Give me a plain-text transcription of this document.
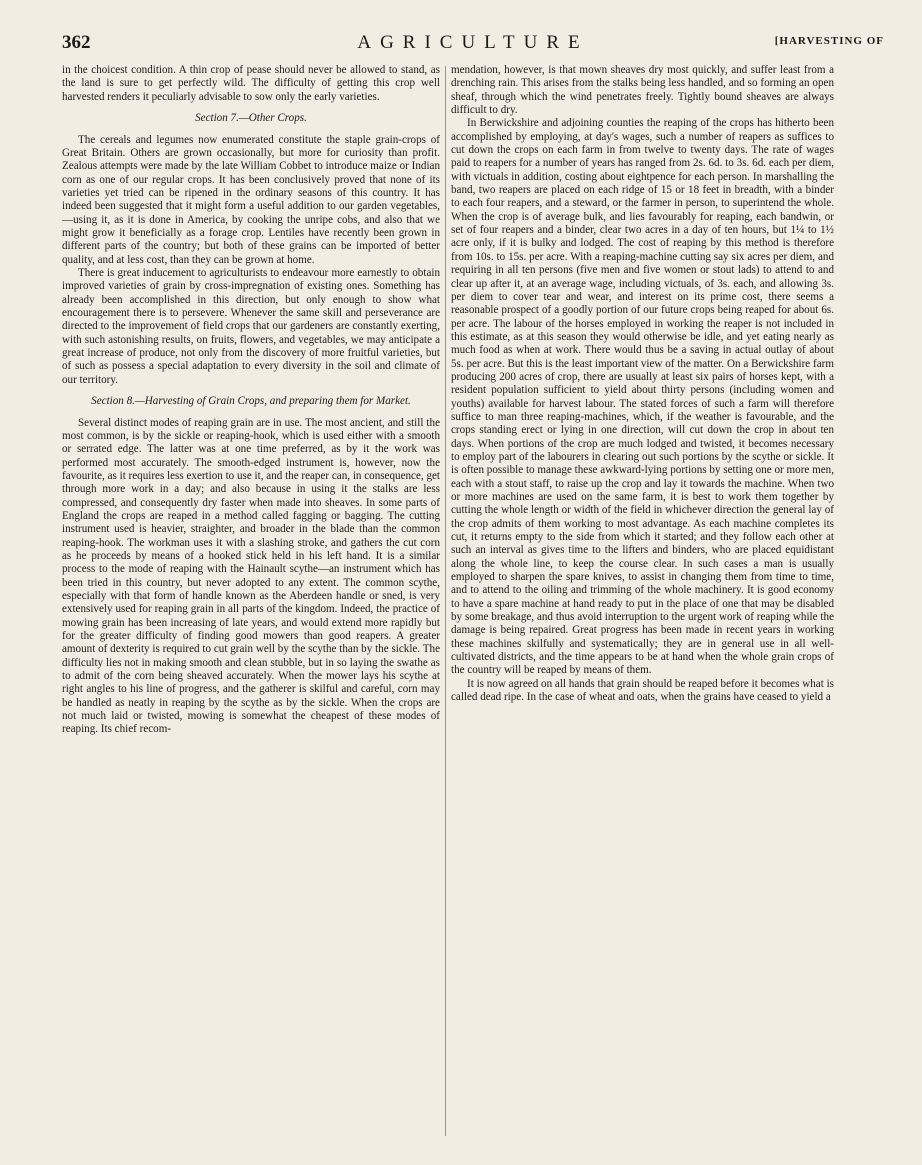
362	AGRICULTURE	[HARVESTING OF

in the choicest condition. A thin crop of pease should never be allowed to stand, as the land is sure to get perfectly wild. The difficulty of getting this crop well harvested renders it peculiarly advisable to sow only the early varieties.

Section 7.—Other Crops.

The cereals and legumes now enumerated constitute the staple grain-crops of Great Britain. Others are grown occasionally, but more for curiosity than profit. Zealous attempts were made by the late William Cobbet to introduce maize or Indian corn as one of our regular crops. It has been conclusively proved that none of its varieties yet tried can be ripened in the ordinary seasons of this country. It has indeed been suggested that it might form a useful addition to our garden vegetables,—using it, as it is done in America, by cooking the unripe cobs, and also that we might grow it beneficially as a forage crop. Lentiles have recently been grown in different parts of the country; but both of these grains can be imported of better quality, and at less cost, than they can be grown at home.

There is great inducement to agriculturists to endeavour more earnestly to obtain improved varieties of grain by cross-impregnation of existing ones. Something has already been accomplished in this direction, but only enough to show what encouragement there is to persevere. Whenever the same skill and perseverance are directed to the improvement of field crops that our gardeners are constantly exerting, with such astonishing results, on fruits, flowers, and vegetables, we may anticipate a great increase of produce, not only from the discovery of more fruitful varieties, but of such as possess a special adaptation to every diversity in the soil and climate of our territory.

Section 8.—Harvesting of Grain Crops, and preparing them for Market.

Several distinct modes of reaping grain are in use. The most ancient, and still the most common, is by the sickle or reaping-hook, which is used either with a smooth or serrated edge. The latter was at one time preferred, as by it the work was performed most accurately. The smooth-edged instrument is, however, now the favourite, as it requires less exertion to use it, and the reaper can, in consequence, get through more work in a day; and also because in using it the stalks are less compressed, and consequently dry faster when made into sheaves. In some parts of England the crops are reaped in a method called fagging or bagging. The cutting instrument used is heavier, straighter, and broader in the blade than the common reaping-hook. The workman uses it with a slashing stroke, and gathers the cut corn as he proceeds by means of a hooked stick held in his left hand. It is a similar process to the mode of reaping with the Hainault scythe—an instrument which has been tried in this country, but never adopted to any extent. The common scythe, especially with that form of handle known as the Aberdeen handle or sned, is very extensively used for reaping grain in all parts of the kingdom. Indeed, the practice of mowing grain has been increasing of late years, and would extend more rapidly but for the greater difficulty of finding good mowers than good reapers. A greater amount of dexterity is required to cut grain well by the scythe than by the sickle. The difficulty lies not in making smooth and clean stubble, but in so laying the swathe as to admit of the corn being sheaved accurately. When the mower lays his scythe at right angles to his line of progress, and the gatherer is skilful and careful, corn may be handled as neatly in reaping by the scythe as by the sickle. When the crops are not much laid or twisted, mowing is somewhat the cheapest of these modes of reaping. Its chief recom-

mendation, however, is that mown sheaves dry most quickly, and suffer least from a drenching rain. This arises from the stalks being less handled, and so forming an open sheaf, through which the wind penetrates freely. Tightly bound sheaves are always difficult to dry.

In Berwickshire and adjoining counties the reaping of the crops has hitherto been accomplished by employing, at day's wages, such a number of reapers as suffices to cut down the crops on each farm in from twelve to twenty days. The rate of wages paid to reapers for a number of years has ranged from 2s. 6d. to 3s. 6d. each per diem, with victuals in addition, costing about eightpence for each person. In marshalling the band, two reapers are placed on each ridge of 15 or 18 feet in breadth, with a binder to each four reapers, and a steward, or the farmer in person, to superintend the whole. When the crop is of average bulk, and lies favourably for reaping, each bandwin, or set of four reapers and a binder, clear two acres in a day of ten hours, but 1¼ to 1½ acre only, if it is bulky and lodged. The cost of reaping by this method is therefore from 10s. to 15s. per acre. With a reaping-machine cutting say six acres per diem, and requiring in all ten persons (five men and five women or stout lads) to attend to and clear up after it, at an average wage, including victuals, of 3s. each, and allowing 3s. per diem to cover tear and wear, and interest on its prime cost, there seems a reasonable prospect of a goodly portion of our future crops being reaped for about 6s. per acre. The labour of the horses employed in working the reaper is not included in this estimate, as at this season they would otherwise be idle, and yet eating nearly as much food as when at work. There would thus be a saving in actual outlay of about 5s. per acre. But this is the least important view of the matter. On a Berwickshire farm producing 200 acres of crop, there are usually at least six pairs of horses kept, with a resident population sufficient to yield about thirty persons (including women and youths) available for harvest labour. The stated forces of such a farm will therefore suffice to man three reaping-machines, which, if the weather is favourable, and the crops standing erect or lying in one direction, will cut down the crop in about ten days. When portions of the crop are much lodged and twisted, it becomes necessary to employ part of the labourers in clearing out such portions by the scythe or sickle. It is often possible to manage these awkward-lying portions by setting one or more men, each with a stout staff, to raise up the crop and lay it towards the machine. When two or more machines are used on the same farm, it is best to work them together by cutting the whole length or width of the field in whichever direction the general lay of the crop admits of them working to most advantage. As each machine completes its cut, it returns empty to the side from which it started; and they follow each other at such an interval as gives time to the lifters and binders, who are placed equidistant along the whole line, to keep the course clear. In such cases a man is usually employed to sharpen the spare knives, to assist in changing them from time to time, and to attend to the oiling and trimming of the whole machinery. It is good economy to have a spare machine at hand ready to put in the place of one that may be disabled by some breakage, and thus avoid interruption to the urgent work of reaping while the damage is being repaired. Great progress has been made in recent years in working these machines skilfully and systematically; they are in general use in all well-cultivated districts, and the time appears to be at hand when the whole grain crops of the country will be reaped by means of them.

It is now agreed on all hands that grain should be reaped before it becomes what is called dead ripe. In the case of wheat and oats, when the grains have ceased to yield a
